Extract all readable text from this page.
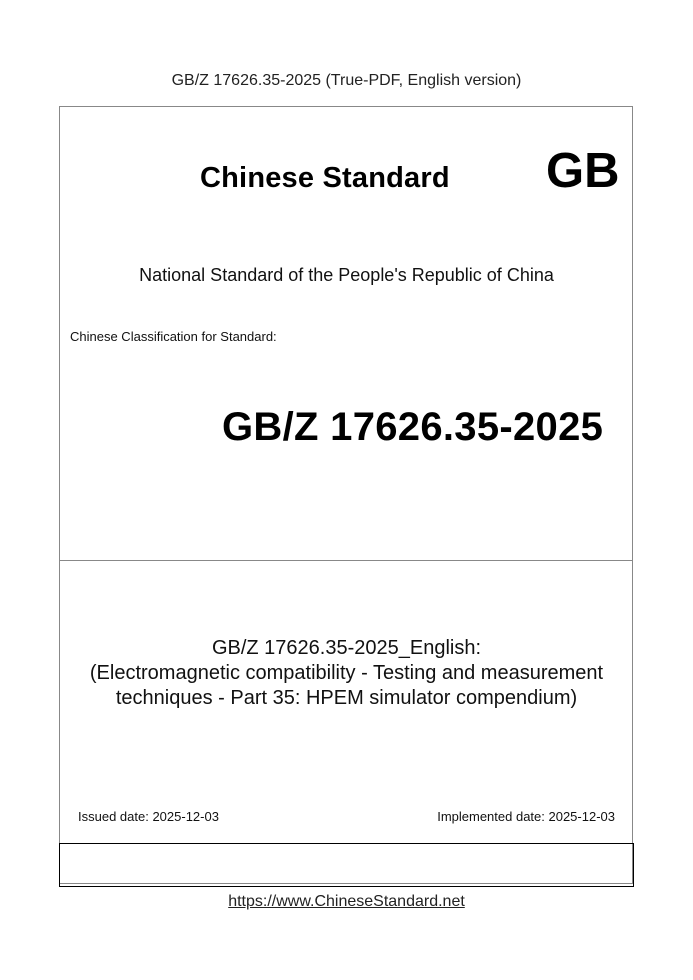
GB/Z 17626.35-2025 (True-PDF, English version)
Chinese Standard GB
National Standard of the People's Republic of China
Chinese Classification for Standard:
GB/Z 17626.35-2025
GB/Z 17626.35-2025_English:
(Electromagnetic compatibility - Testing and measurement
techniques - Part 35: HPEM simulator compendium)
Issued date: 2025-12-03	Implemented date: 2025-12-03
https://www.ChineseStandard.net
